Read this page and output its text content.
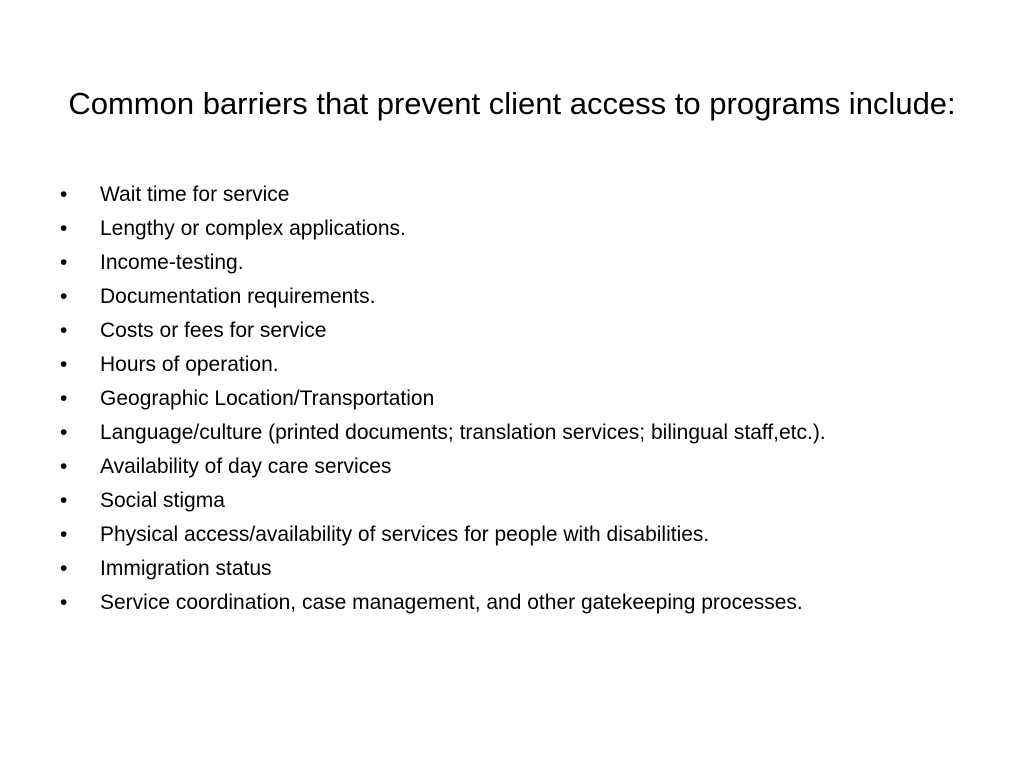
Common barriers that prevent client access to programs include:
•	Wait time for service
•	Lengthy or complex applications.
•	Income-testing.
•	Documentation requirements.
•	Costs or fees for service
•	Hours of operation.
•	Geographic Location/Transportation
•	Language/culture (printed documents; translation services; bilingual staff,etc.).
•	Availability of day care services
•	Social stigma
•	Physical access/availability of services for people with disabilities.
•	Immigration status
•	Service coordination, case management, and other gatekeeping processes.
